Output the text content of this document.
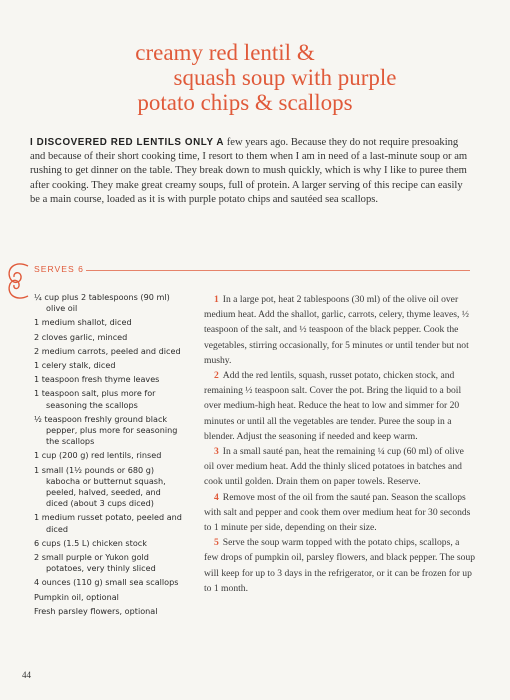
creamy red lentil &
squash soup with purple
potato chips & scallops
I DISCOVERED RED LENTILS ONLY A few years ago. Because they do not require presoaking and because of their short cooking time, I resort to them when I am in need of a last-minute soup or am rushing to get dinner on the table. They break down to mush quickly, which is why I like to puree them after cooking. They make great creamy soups, full of protein. A larger serving of this recipe can easily be a main course, loaded as it is with purple potato chips and sautéed sea scallops.
SERVES 6
¼ cup plus 2 tablespoons (90 ml) olive oil
1 medium shallot, diced
2 cloves garlic, minced
2 medium carrots, peeled and diced
1 celery stalk, diced
1 teaspoon fresh thyme leaves
1 teaspoon salt, plus more for seasoning the scallops
½ teaspoon freshly ground black pepper, plus more for seasoning the scallops
1 cup (200 g) red lentils, rinsed
1 small (1½ pounds or 680 g) kabocha or butternut squash, peeled, halved, seeded, and diced (about 3 cups diced)
1 medium russet potato, peeled and diced
6 cups (1.5 L) chicken stock
2 small purple or Yukon gold potatoes, very thinly sliced
4 ounces (110 g) small sea scallops
Pumpkin oil, optional
Fresh parsley flowers, optional

1 In a large pot, heat 2 tablespoons (30 ml) of the olive oil over medium heat. Add the shallot, garlic, carrots, celery, thyme leaves, ½ teaspoon of the salt, and ½ teaspoon of the black pepper. Cook the vegetables, stirring occasionally, for 5 minutes or until tender but not mushy.

2 Add the red lentils, squash, russet potato, chicken stock, and remaining ½ teaspoon salt. Cover the pot. Bring the liquid to a boil over medium-high heat. Reduce the heat to low and simmer for 20 minutes or until all the vegetables are tender. Puree the soup in a blender. Adjust the seasoning if needed and keep warm.

3 In a small sauté pan, heat the remaining ¼ cup (60 ml) of olive oil over medium heat. Add the thinly sliced potatoes in batches and cook until golden. Drain them on paper towels. Reserve.

4 Remove most of the oil from the sauté pan. Season the scallops with salt and pepper and cook them over medium heat for 30 seconds to 1 minute per side, depending on their size.

5 Serve the soup warm topped with the potato chips, scallops, a few drops of pumpkin oil, parsley flowers, and black pepper. The soup will keep for up to 3 days in the refrigerator, or it can be frozen for up to 1 month.

44
